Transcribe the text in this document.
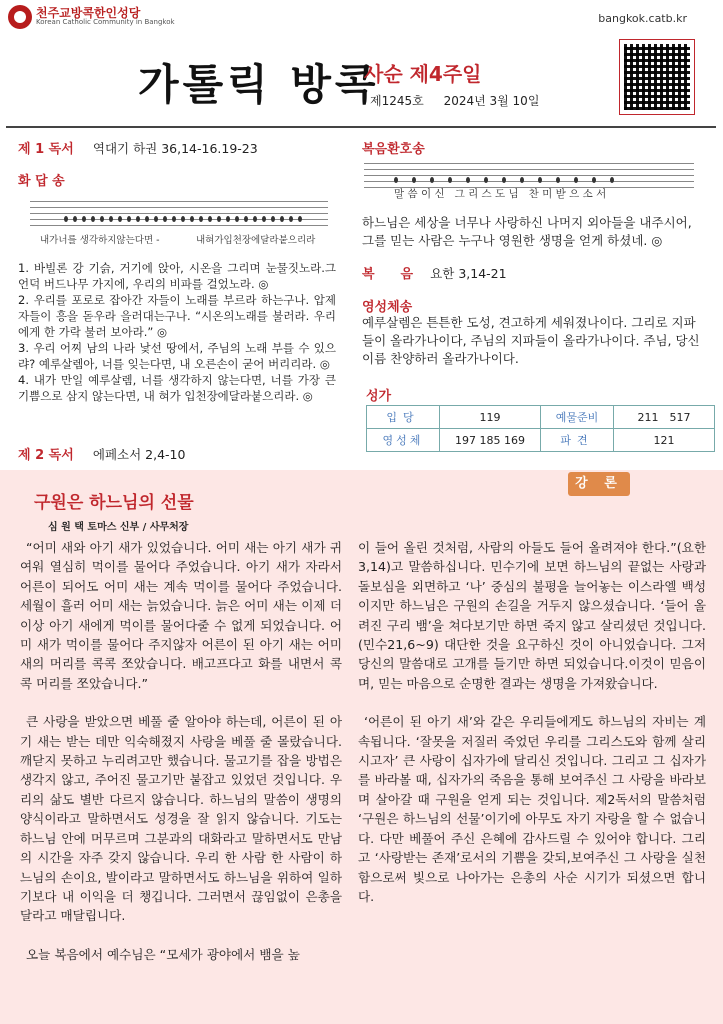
천주교방콕한인성당
Korean Catholic Community in Bangkok	bangkok.catb.kr
가톨릭 방콕
사순 제4주일
제1245호 2024년 3월 10일
제 1 독서 역대기 하권 36,14-16.19-23
화 답 송
내가너를 생각하지않는다면 -	내혀가입천장에달라붙으리라
1. 바빌론 강 기슭, 거기에 앉아, 시온을 그리며 눈물짓노라.그 언덕 버드나무 가지에, 우리의 비파를 걸었노라. ◎
2. 우리를 포로로 잡아간 자들이 노래를 부르라 하는구나. 압제자들이 흥을 돋우라 을러대는구나. “시온의노래를 불러라. 우리에게 한 가락 불러 보아라.” ◎
3. 우리 어찌 남의 나라 낯선 땅에서, 주님의 노래 부를 수 있으랴? 예루살렘아, 너를 잊는다면, 내 오른손이 굳어 버리리라. ◎
4. 내가 만일 예루살렘, 너를 생각하지 않는다면, 너를 가장 큰 기쁨으로 삼지 않는다면, 내 혀가 입천장에달라붙으리라. ◎
제 2 독서 에페소서 2,4-10
복음환호송
말 씀 이 신   그 리 스 도 님   찬 미 받 으 소 서
하느님은 세상을 너무나 사랑하신 나머지 외아들을 내주시어, 그를 믿는 사람은 누구나 영원한 생명을 얻게 하셨네. ◎
복　　음 요한 3,14-21
영성체송
예루살렘은 튼튼한 도성, 견고하게 세워졌나이다. 그리로 지파들이 올라가나이다, 주님의 지파들이 올라가나이다. 주님, 당신 이름 찬양하러 올라가나이다.
성가
입당	119	예물준비	211　517
영성체	197 185 169	파견	121
강 론
구원은 하느님의 선물
심 원 택 토마스 신부 / 사무처장

“어미 새와 아기 새가 있었습니다. 어미 새는 아기 새가 귀여워 열심히 먹이를 물어다 주었습니다. 아기 새가 자라서 어른이 되어도 어미 새는 계속 먹이를 물어다 주었습니다. 세월이 흘러 어미 새는 늙었습니다. 늙은 어미 새는 이제 더 이상 아기 새에게 먹이를 물어다줄 수 없게 되었습니다. 어미 새가 먹이를 물어다 주지않자 어른이 된 아기 새는 어미 새의 머리를 콕콕 쪼았습니다. 배고프다고 화를 내면서 콕콕 머리를 쪼았습니다.”

큰 사랑을 받았으면 베풀 줄 알아야 하는데, 어른이 된 아기 새는 받는 데만 익숙해졌지 사랑을 베풀 줄 몰랐습니다. 깨닫지 못하고 누리려고만 했습니다. 물고기를 잡을 방법은 생각지 않고, 주어진 물고기만 붙잡고 있었던 것입니다. 우리의 삶도 별반 다르지 않습니다. 하느님의 말씀이 생명의 양식이라고 말하면서도 성경을 잘 읽지 않습니다. 기도는 하느님 안에 머무르며 그분과의 대화라고 말하면서도 만남의 시간을 자주 갖지 않습니다. 우리 한 사람 한 사람이 하느님의 손이요, 발이라고 말하면서도 하느님을 위하여 일하기보다 내 이익을 더 챙깁니다. 그러면서 끊임없이 은총을 달라고 매달립니다.

오늘 복음에서 예수님은 “모세가 광야에서 뱀을 높

이 들어 올린 것처럼, 사람의 아들도 들어 올려져야 한다.”(요한 3,14)고 말씀하십니다. 민수기에 보면 하느님의 끝없는 사랑과 돌보심을 외면하고 ‘나’ 중심의 불평을 늘어놓는 이스라엘 백성이지만 하느님은 구원의 손길을 거두지 않으셨습니다. ‘들어 올려진 구리 뱀’을 쳐다보기만 하면 죽지 않고 살리셨던 것입니다.(민수21,6~9) 대단한 것을 요구하신 것이 아니었습니다. 그저 당신의 말씀대로 고개를 들기만 하면 되었습니다.이것이 믿음이며, 믿는 마음으로 순명한 결과는 생명을 가져왔습니다.

‘어른이 된 아기 새’와 같은 우리들에게도 하느님의 자비는 계속됩니다. ‘잘못을 저질러 죽었던 우리를 그리스도와 함께 살리시고자’ 큰 사랑이 십자가에 달리신 것입니다. 그리고 그 십자가를 바라볼 때, 십자가의 죽음을 통해 보여주신 그 사랑을 바라보며 살아갈 때 구원을 얻게 되는 것입니다. 제2독서의 말씀처럼 ‘구원은 하느님의 선물’이기에 아무도 자기 자랑을 할 수 없습니다. 다만 베풀어 주신 은혜에 감사드릴 수 있어야 합니다. 그리고 ‘사랑받는 존재’로서의 기쁨을 갖되,보여주신 그 사랑을 실천함으로써 빛으로 나아가는 은총의 사순 시기가 되셨으면 합니다.
